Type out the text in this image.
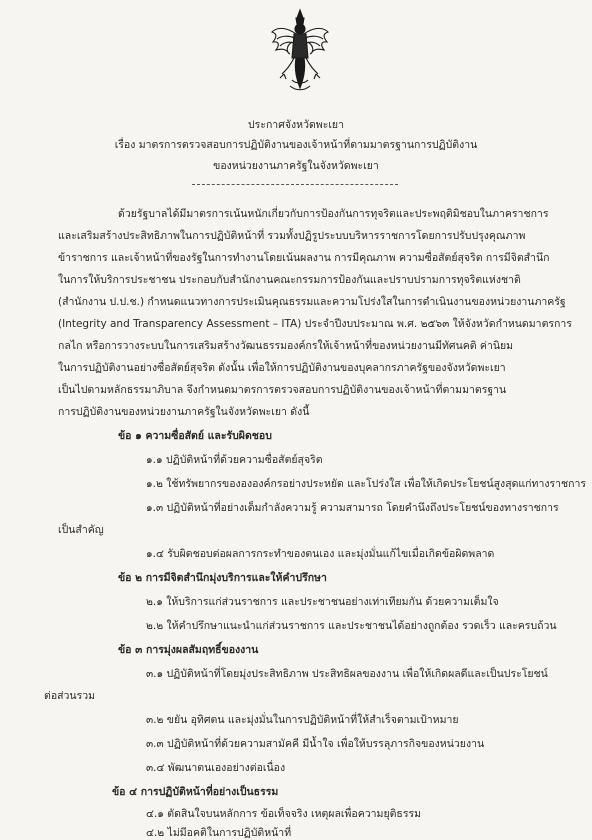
ประกาศจังหวัดพะเยา
เรื่อง มาตรการตรวจสอบการปฏิบัติงานของเจ้าหน้าที่ตามมาตรฐานการปฏิบัติงาน
ของหน่วยงานภาครัฐในจังหวัดพะเยา
ด้วยรัฐบาลได้มีมาตรการเน้นหนักเกี่ยวกับการป้องกันการทุจริตและประพฤติมิชอบในภาคราชการ
และเสริมสร้างประสิทธิภาพในการปฏิบัติหน้าที่ รวมทั้งปฏิรูประบบบริหารราชการโดยการปรับปรุงคุณภาพ
ข้าราชการ และเจ้าหน้าที่ของรัฐในการทำงานโดยเน้นผลงาน การมีคุณภาพ ความซื่อสัตย์สุจริต การมีจิตสำนึก
ในการให้บริการประชาชน ประกอบกับสำนักงานคณะกรรมการป้องกันและปราบปรามการทุจริตแห่งชาติ
(สำนักงาน ป.ป.ช.) กำหนดแนวทางการประเมินคุณธรรมและความโปร่งใสในการดำเนินงานของหน่วยงานภาครัฐ
(Integrity and Transparency Assessment – ITA) ประจำปีงบประมาณ พ.ศ. ๒๕๖๓ ให้จังหวัดกำหนดมาตรการ
กลไก หรือการวางระบบในการเสริมสร้างวัฒนธรรมองค์กรให้เจ้าหน้าที่ของหน่วยงานมีทัศนคติ ค่านิยม
ในการปฏิบัติงานอย่างซื่อสัตย์สุจริต ดังนั้น เพื่อให้การปฏิบัติงานของบุคลากรภาครัฐของจังหวัดพะเยา
เป็นไปตามหลักธรรมาภิบาล จึงกำหนดมาตรการตรวจสอบการปฏิบัติงานของเจ้าหน้าที่ตามมาตรฐาน
การปฏิบัติงานของหน่วยงานภาครัฐในจังหวัดพะเยา ดังนี้
ข้อ ๑ ความซื่อสัตย์ และรับผิดชอบ
๑.๑ ปฏิบัติหน้าที่ด้วยความซื่อสัตย์สุจริต
๑.๒ ใช้ทรัพยากรของององค์กรอย่างประหยัด และโปร่งใส เพื่อให้เกิดประโยชน์สูงสุดแก่ทางราชการ
๑.๓ ปฏิบัติหน้าที่อย่างเต็มกำลังความรู้ ความสามารถ โดยคำนึงถึงประโยชน์ของทางราชการ
เป็นสำคัญ
๑.๔ รับผิดชอบต่อผลการกระทำของตนเอง และมุ่งมั่นแก้ไขเมื่อเกิดข้อผิดพลาด
ข้อ ๒ การมีจิตสำนึกมุ่งบริการและให้คำปรึกษา
๒.๑ ให้บริการแก่ส่วนราชการ และประชาชนอย่างเท่าเทียมกัน ด้วยความเต็มใจ
๒.๒ ให้คำปรึกษาแนะนำแก่ส่วนราชการ และประชาชนได้อย่างถูกต้อง รวดเร็ว และครบถ้วน
ข้อ ๓ การมุ่งผลสัมฤทธิ์ของงาน
๓.๑ ปฏิบัติหน้าที่โดยมุ่งประสิทธิภาพ ประสิทธิผลของงาน เพื่อให้เกิดผลดีและเป็นประโยชน์
ต่อส่วนรวม
๓.๒ ขยัน อุทิศตน และมุ่งมั่นในการปฏิบัติหน้าที่ให้สำเร็จตามเป้าหมาย
๓.๓ ปฏิบัติหน้าที่ด้วยความสามัคคี มีน้ำใจ เพื่อให้บรรลุภารกิจของหน่วยงาน
๓.๔ พัฒนาตนเองอย่างต่อเนื่อง
ข้อ ๔ การปฏิบัติหน้าที่อย่างเป็นธรรม
๔.๑ ตัดสินใจบนหลักการ ข้อเท็จจริง เหตุผลเพื่อความยุติธรรม
๔.๒ ไม่มีอคติในการปฏิบัติหน้าที่
